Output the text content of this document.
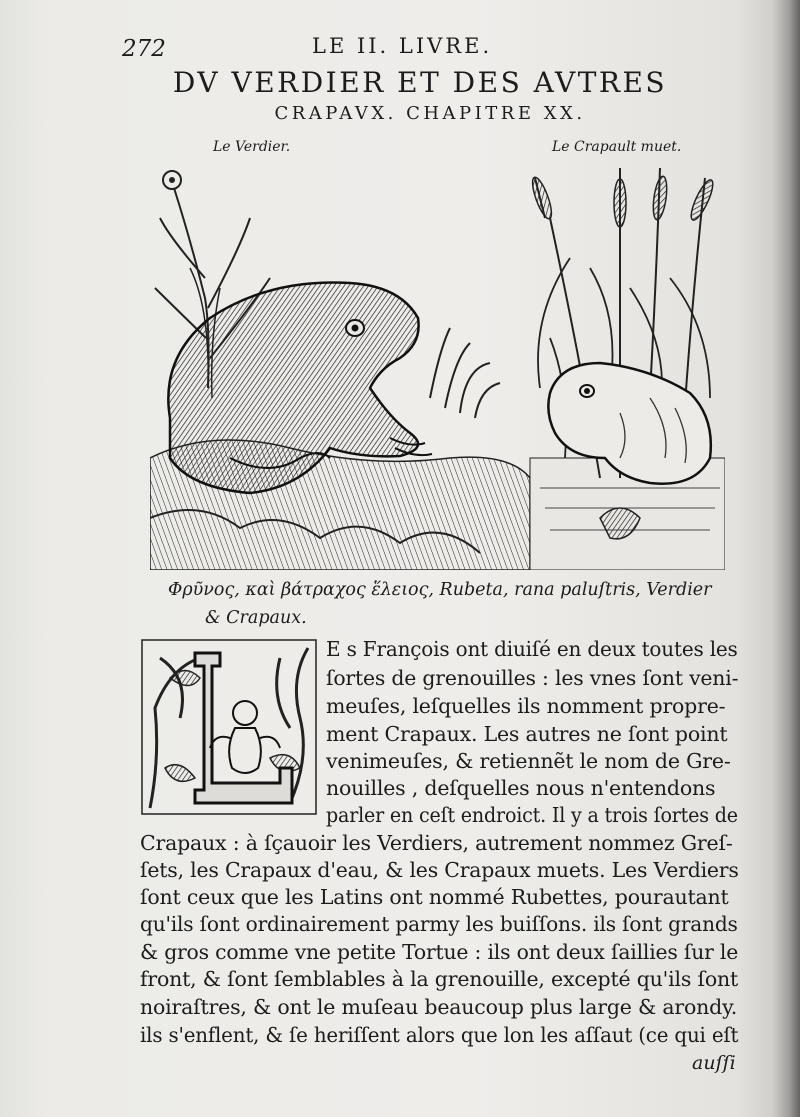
272	LE II. LIVRE.
DV VERDIER ET DES AVTRES
CRAPAVX. CHAPITRE XX.
Le Verdier.	Le Crapault muet.
Φρῦνος, καὶ βάτραχος ἕλειος, Rubeta, rana paluſtris, Verdier
& Crapaux.
E s François ont diuiſé en deux toutes les
ſortes de grenouilles : les vnes ſont veni-
meuſes, leſquelles ils nomment propre-
ment Crapaux. Les autres ne ſont point
venimeuſes, & retiennẽt le nom de Gre-
nouilles , deſquelles nous n'entendons
parler en ceſt endroict. Il y a trois ſortes de
Crapaux : à ſçauoir les Verdiers, autrement nommez Greſ-
ſets, les Crapaux d'eau, & les Crapaux muets. Les Verdiers
ſont ceux que les Latins ont nommé Rubettes, pourautant
qu'ils ſont ordinairement parmy les buiſſons. ils ſont grands
& gros comme vne petite Tortue : ils ont deux ſaillies ſur le
front, & ſont ſemblables à la grenouille, excepté qu'ils ſont
noiraſtres, & ont le muſeau beaucoup plus large & arondy.
ils s'enflent, & ſe heriſſent alors que lon les aſſaut (ce qui eſt
auſſi
